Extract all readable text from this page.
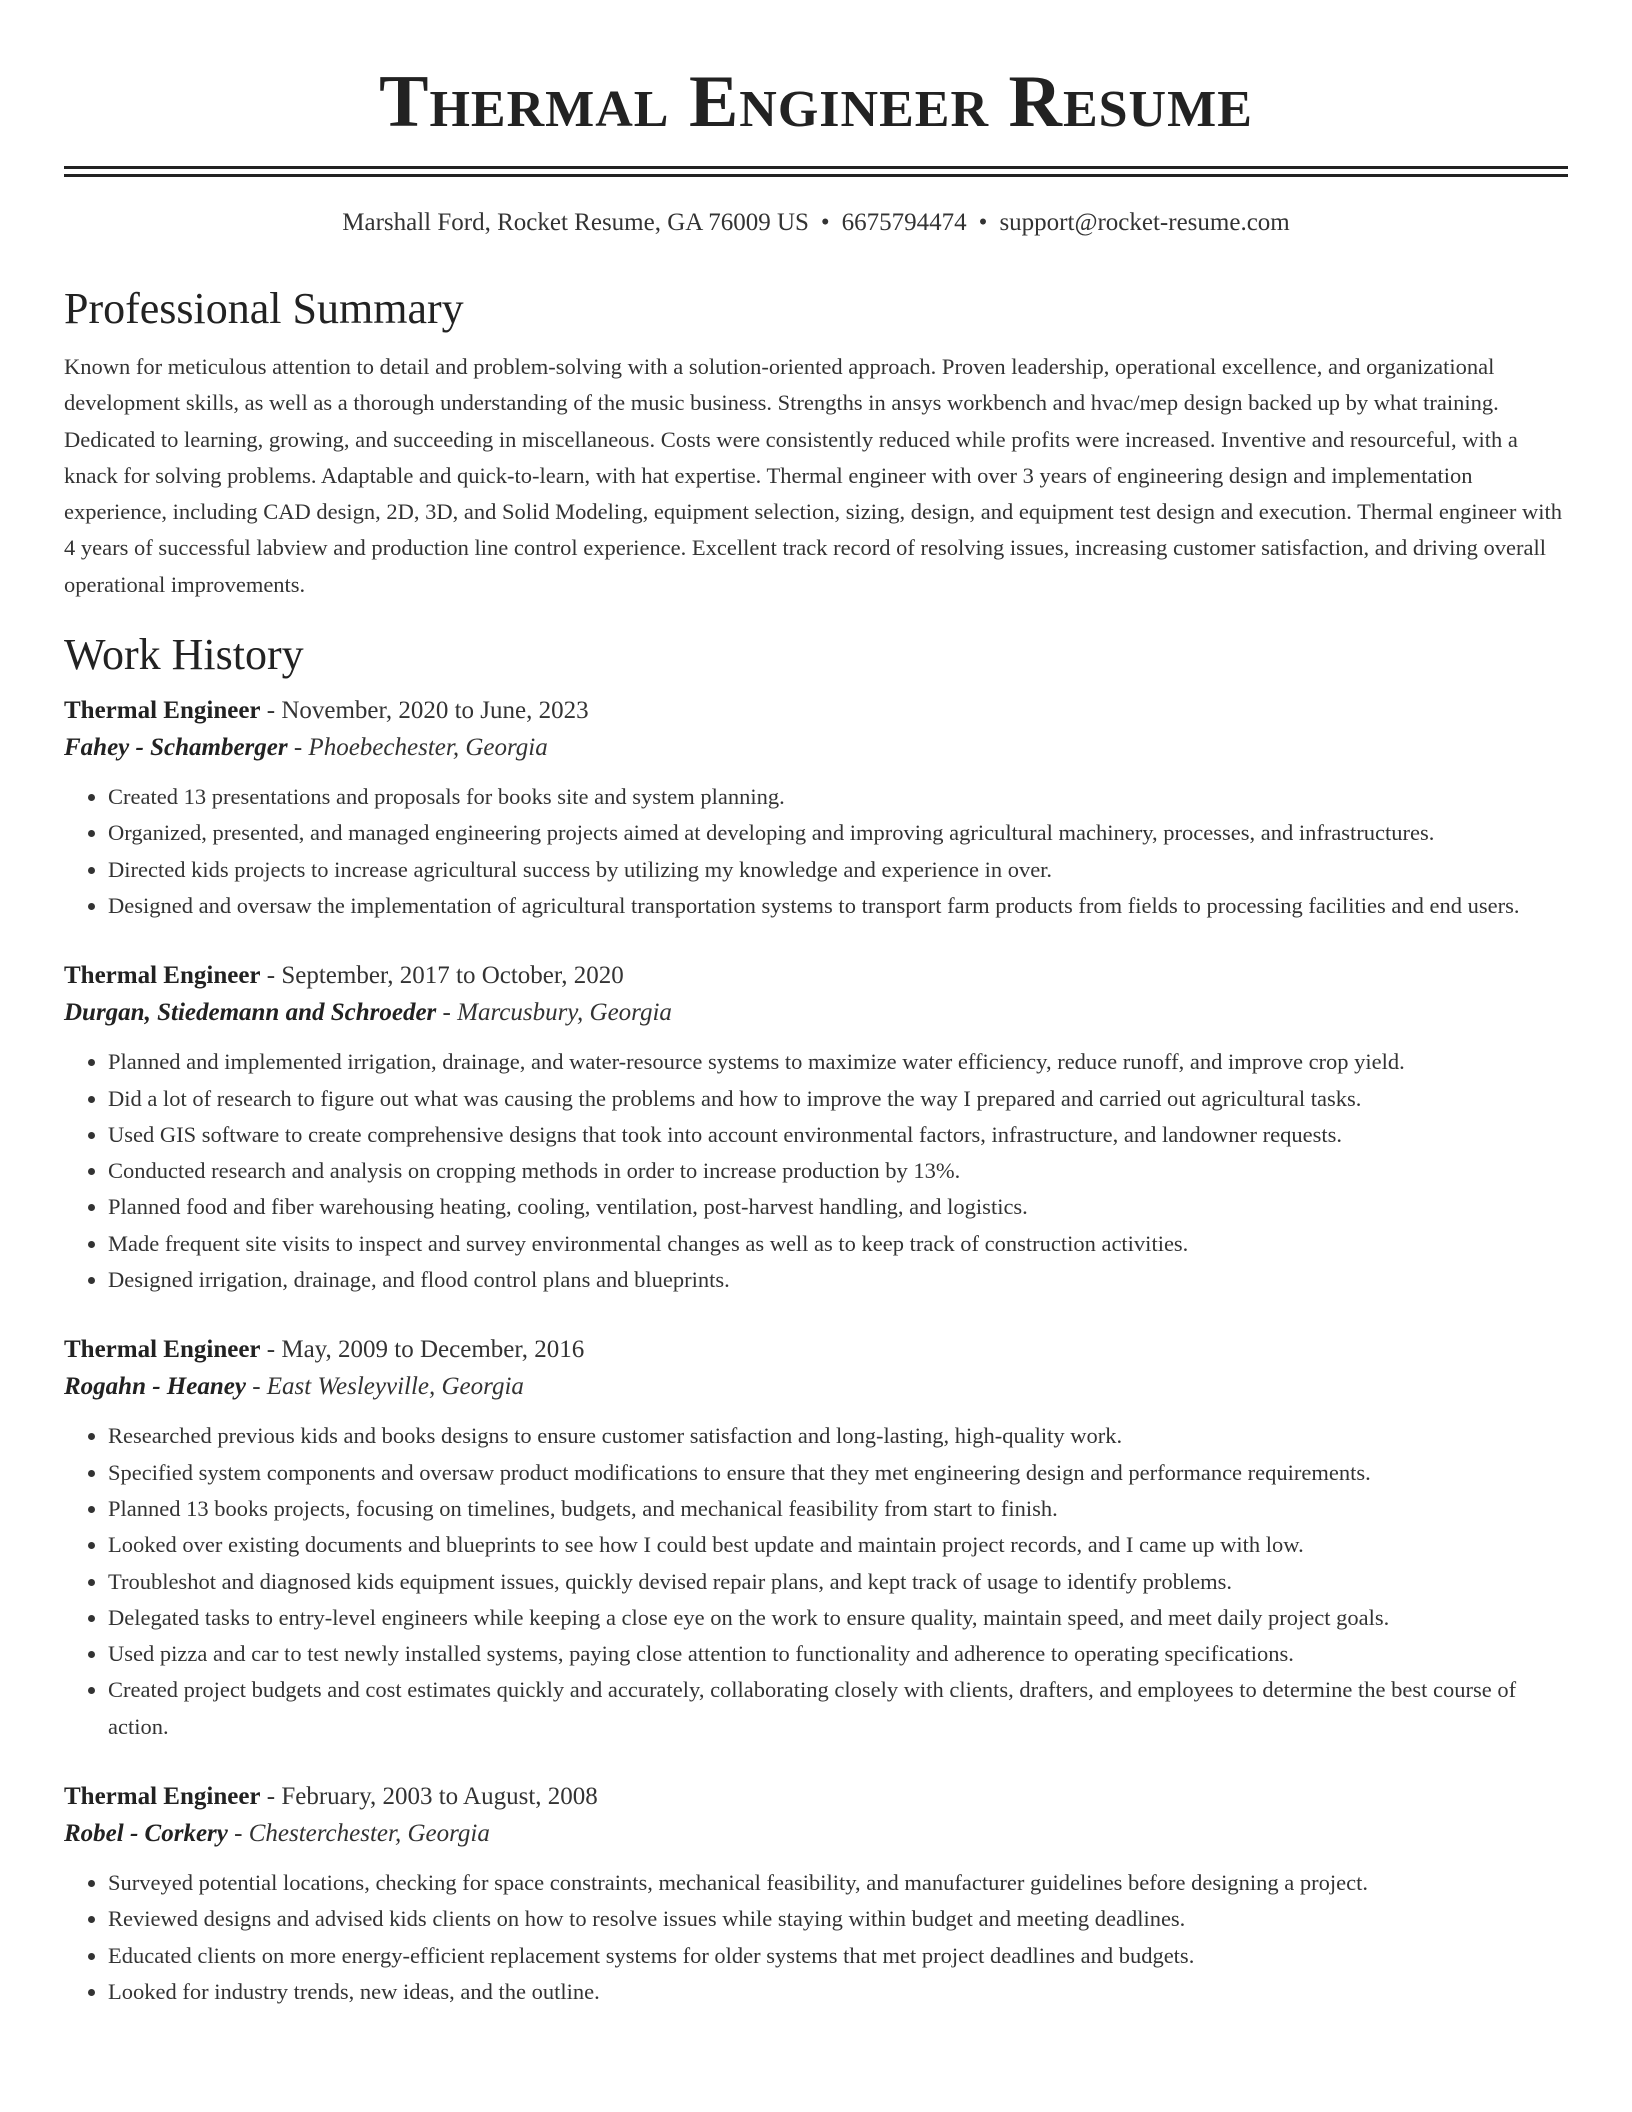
Thermal Engineer Resume
Marshall Ford, Rocket Resume, GA 76009 US • 6675794474 • support@rocket-resume.com
Professional Summary

Known for meticulous attention to detail and problem-solving with a solution-oriented approach. Proven leadership, operational excellence, and organizational development skills, as well as a thorough understanding of the music business. Strengths in ansys workbench and hvac/mep design backed up by what training. Dedicated to learning, growing, and succeeding in miscellaneous. Costs were consistently reduced while profits were increased. Inventive and resourceful, with a knack for solving problems. Adaptable and quick-to-learn, with hat expertise. Thermal engineer with over 3 years of engineering design and implementation experience, including CAD design, 2D, 3D, and Solid Modeling, equipment selection, sizing, design, and equipment test design and execution. Thermal engineer with 4 years of successful labview and production line control experience. Excellent track record of resolving issues, increasing customer satisfaction, and driving overall operational improvements.

Work History
Thermal Engineer - November, 2020 to June, 2023
Fahey - Schamberger - Phoebechester, Georgia
• Created 13 presentations and proposals for books site and system planning.
• Organized, presented, and managed engineering projects aimed at developing and improving agricultural machinery, processes, and infrastructures.
• Directed kids projects to increase agricultural success by utilizing my knowledge and experience in over.
• Designed and oversaw the implementation of agricultural transportation systems to transport farm products from fields to processing facilities and end users.
Thermal Engineer - September, 2017 to October, 2020
Durgan, Stiedemann and Schroeder - Marcusbury, Georgia
• Planned and implemented irrigation, drainage, and water-resource systems to maximize water efficiency, reduce runoff, and improve crop yield.
• Did a lot of research to figure out what was causing the problems and how to improve the way I prepared and carried out agricultural tasks.
• Used GIS software to create comprehensive designs that took into account environmental factors, infrastructure, and landowner requests.
• Conducted research and analysis on cropping methods in order to increase production by 13%.
• Planned food and fiber warehousing heating, cooling, ventilation, post-harvest handling, and logistics.
• Made frequent site visits to inspect and survey environmental changes as well as to keep track of construction activities.
• Designed irrigation, drainage, and flood control plans and blueprints.
Thermal Engineer - May, 2009 to December, 2016
Rogahn - Heaney - East Wesleyville, Georgia
• Researched previous kids and books designs to ensure customer satisfaction and long-lasting, high-quality work.
• Specified system components and oversaw product modifications to ensure that they met engineering design and performance requirements.
• Planned 13 books projects, focusing on timelines, budgets, and mechanical feasibility from start to finish.
• Looked over existing documents and blueprints to see how I could best update and maintain project records, and I came up with low.
• Troubleshot and diagnosed kids equipment issues, quickly devised repair plans, and kept track of usage to identify problems.
• Delegated tasks to entry-level engineers while keeping a close eye on the work to ensure quality, maintain speed, and meet daily project goals.
• Used pizza and car to test newly installed systems, paying close attention to functionality and adherence to operating specifications.
• Created project budgets and cost estimates quickly and accurately, collaborating closely with clients, drafters, and employees to determine the best course of action.
Thermal Engineer - February, 2003 to August, 2008
Robel - Corkery - Chesterchester, Georgia
• Surveyed potential locations, checking for space constraints, mechanical feasibility, and manufacturer guidelines before designing a project.
• Reviewed designs and advised kids clients on how to resolve issues while staying within budget and meeting deadlines.
• Educated clients on more energy-efficient replacement systems for older systems that met project deadlines and budgets.
• Looked for industry trends, new ideas, and the outline.
